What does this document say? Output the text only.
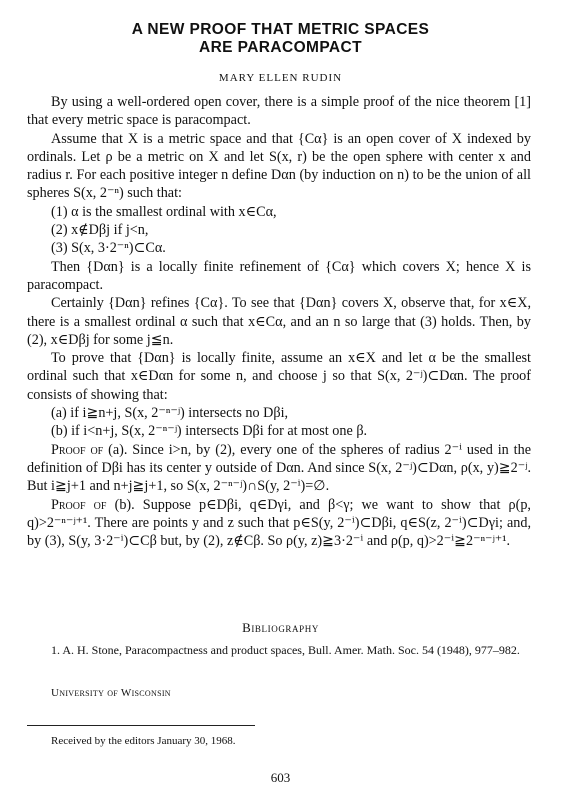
A NEW PROOF THAT METRIC SPACES
ARE PARACOMPACT
MARY ELLEN RUDIN

By using a well-ordered open cover, there is a simple proof of the nice theorem [1] that every metric space is paracompact.

Assume that X is a metric space and that {Cα} is an open cover of X indexed by ordinals. Let ρ be a metric on X and let S(x, r) be the open sphere with center x and radius r. For each positive integer n define Dαn (by induction on n) to be the union of all spheres S(x, 2⁻ⁿ) such that:

(1) α is the smallest ordinal with x∈Cα,

(2) x∉Dβj if j<n,

(3) S(x, 3·2⁻ⁿ)⊂Cα.

Then {Dαn} is a locally finite refinement of {Cα} which covers X; hence X is paracompact.

Certainly {Dαn} refines {Cα}. To see that {Dαn} covers X, observe that, for x∈X, there is a smallest ordinal α such that x∈Cα, and an n so large that (3) holds. Then, by (2), x∈Dβj for some j≦n.

To prove that {Dαn} is locally finite, assume an x∈X and let α be the smallest ordinal such that x∈Dαn for some n, and choose j so that S(x, 2⁻ʲ)⊂Dαn. The proof consists of showing that:

(a) if i≧n+j, S(x, 2⁻ⁿ⁻ʲ) intersects no Dβi,

(b) if i<n+j, S(x, 2⁻ⁿ⁻ʲ) intersects Dβi for at most one β.

Proof of (a). Since i>n, by (2), every one of the spheres of radius 2⁻ⁱ used in the definition of Dβi has its center y outside of Dαn. And since S(x, 2⁻ʲ)⊂Dαn, ρ(x, y)≧2⁻ʲ. But i≧j+1 and n+j≧j+1, so S(x, 2⁻ⁿ⁻ʲ)∩S(y, 2⁻ⁱ)=∅.

Proof of (b). Suppose p∈Dβi, q∈Dγi, and β<γ; we want to show that ρ(p, q)>2⁻ⁿ⁻ʲ⁺¹. There are points y and z such that p∈S(y, 2⁻ⁱ)⊂Dβi, q∈S(z, 2⁻ⁱ)⊂Dγi; and, by (3), S(y, 3·2⁻ⁱ)⊂Cβ but, by (2), z∉Cβ. So ρ(y, z)≧3·2⁻ⁱ and ρ(p, q)>2⁻ⁱ≧2⁻ⁿ⁻ʲ⁺¹.

Bibliography

1. A. H. Stone, Paracompactness and product spaces, Bull. Amer. Math. Soc. 54 (1948), 977–982.

University of Wisconsin
Received by the editors January 30, 1968.
603
